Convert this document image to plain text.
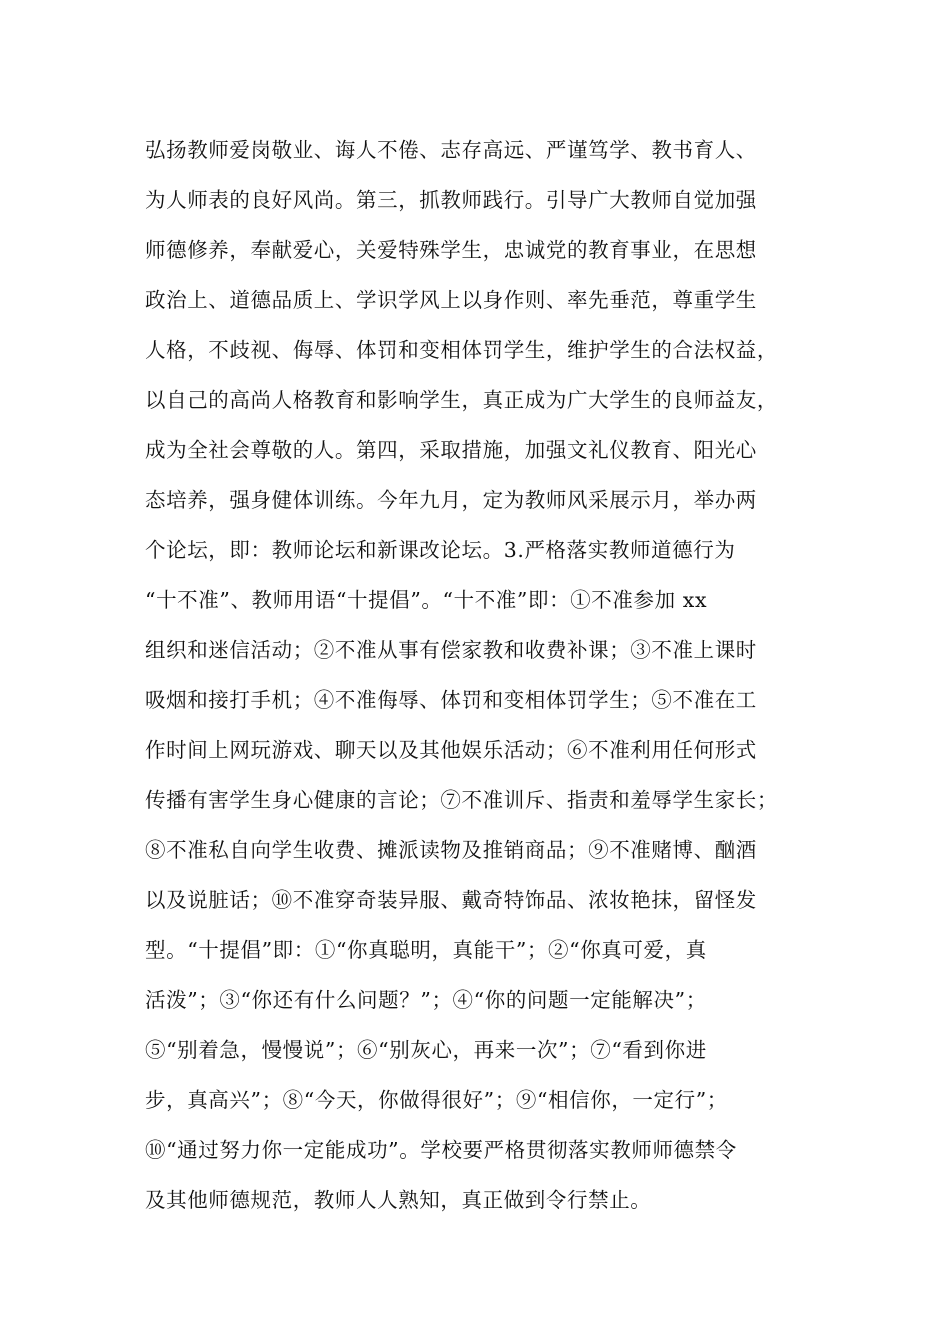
弘扬教师爱岗敬业、诲人不倦、志存高远、严谨笃学、教书育人、
为人师表的良好风尚。第三，抓教师践行。引导广大教师自觉加强
师德修养，奉献爱心，关爱特殊学生，忠诚党的教育事业，在思想
政治上、道德品质上、学识学风上以身作则、率先垂范，尊重学生
人格，不歧视、侮辱、体罚和变相体罚学生，维护学生的合法权益，
以自己的高尚人格教育和影响学生，真正成为广大学生的良师益友，
成为全社会尊敬的人。第四，采取措施，加强文礼仪教育、阳光心
态培养，强身健体训练。今年九月，定为教师风采展示月，举办两
个论坛，即：教师论坛和新课改论坛。3.严格落实教师道德行为
“十不准”、教师用语“十提倡”。“十不准”即：①不准参加 xx
组织和迷信活动；②不准从事有偿家教和收费补课；③不准上课时
吸烟和接打手机；④不准侮辱、体罚和变相体罚学生；⑤不准在工
作时间上网玩游戏、聊天以及其他娱乐活动；⑥不准利用任何形式
传播有害学生身心健康的言论；⑦不准训斥、指责和羞辱学生家长；
⑧不准私自向学生收费、摊派读物及推销商品；⑨不准赌博、酗酒
以及说脏话；⑩不准穿奇装异服、戴奇特饰品、浓妆艳抹，留怪发
型。“十提倡”即：①“你真聪明，真能干”；②“你真可爱，真
活泼”；③“你还有什么问题？”；④“你的问题一定能解决”；
⑤“别着急，慢慢说”；⑥“别灰心，再来一次”；⑦“看到你进
步，真高兴”；⑧“今天，你做得很好”；⑨“相信你，一定行”；
⑩“通过努力你一定能成功”。学校要严格贯彻落实教师师德禁令
及其他师德规范，教师人人熟知，真正做到令行禁止。
